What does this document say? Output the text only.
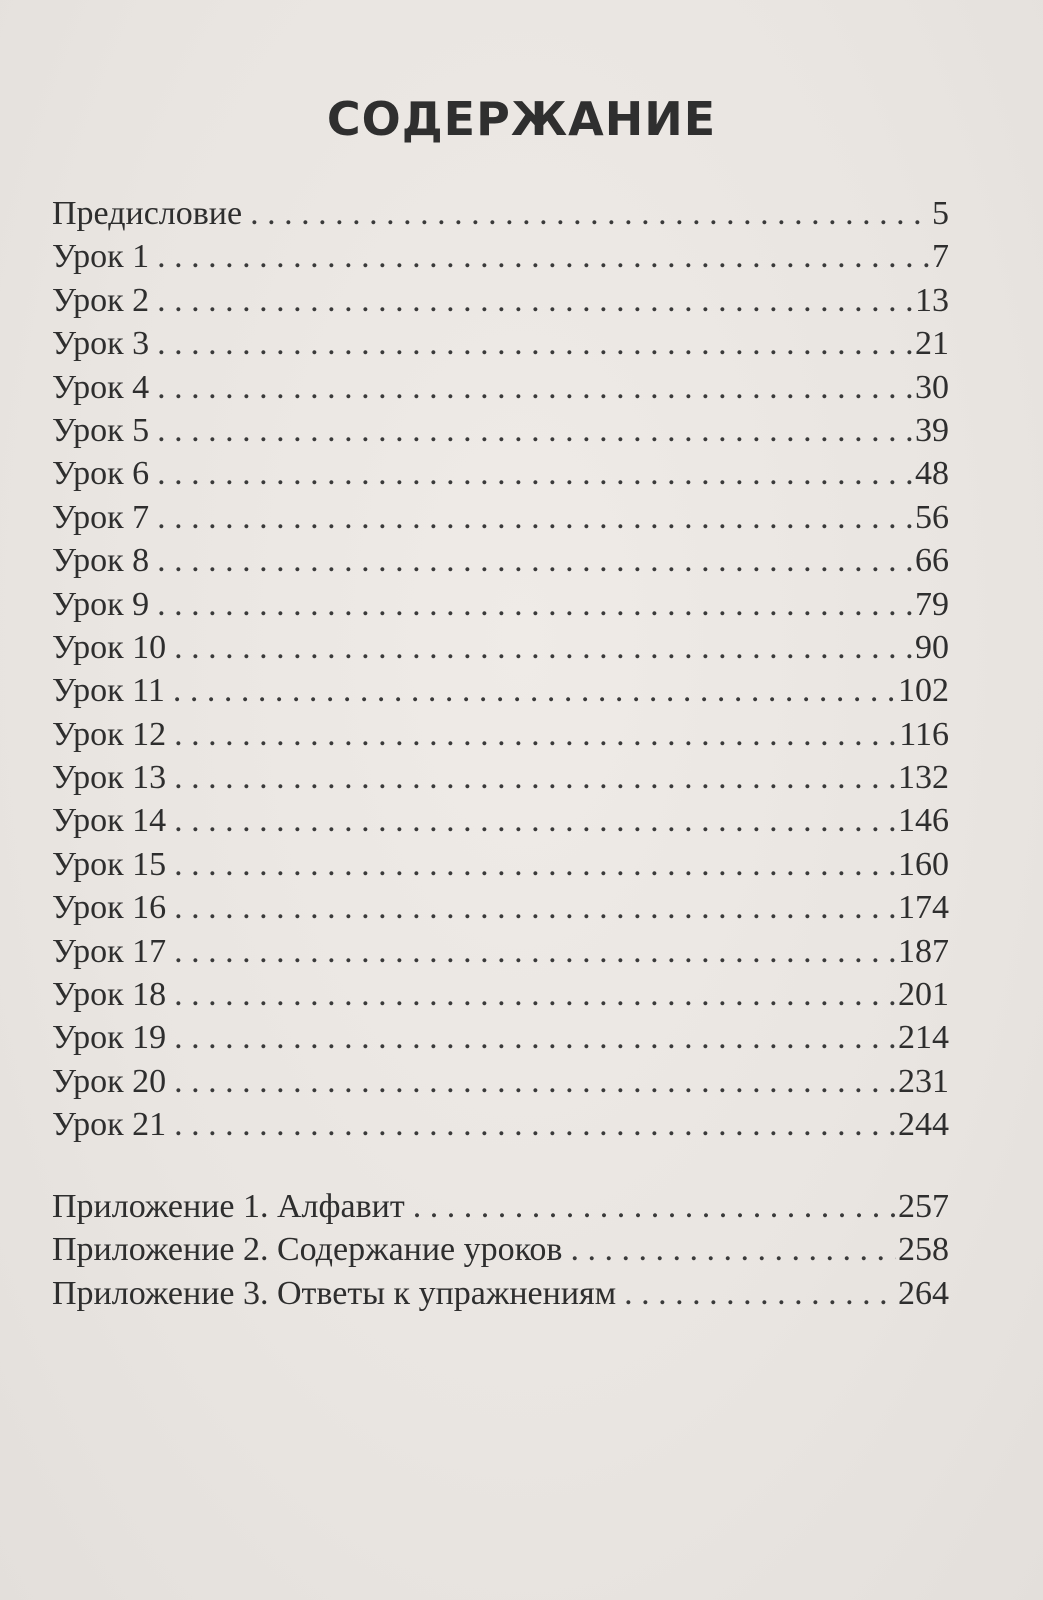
СОДЕРЖАНИЕ
Предисловие . . .	5
Урок 1 . . .	7
Урок 2 . . .	13
Урок 3 . . .	21
Урок 4 . . .	30
Урок 5 . . .	39
Урок 6 . . .	48
Урок 7 . . .	56
Урок 8 . . .	66
Урок 9 . . .	79
Урок 10 . . .	90
Урок 11 . . .	102
Урок 12 . . .	116
Урок 13 . . .	132
Урок 14 . . .	146
Урок 15 . . .	160
Урок 16 . . .	174
Урок 17 . . .	187
Урок 18 . . .	201
Урок 19 . . .	214
Урок 20 . . .	231
Урок 21 . . .	244
Приложение 1. Алфавит . . .	257
Приложение 2. Содержание уроков . . .	258
Приложение 3. Ответы к упражнениям . . .	264
